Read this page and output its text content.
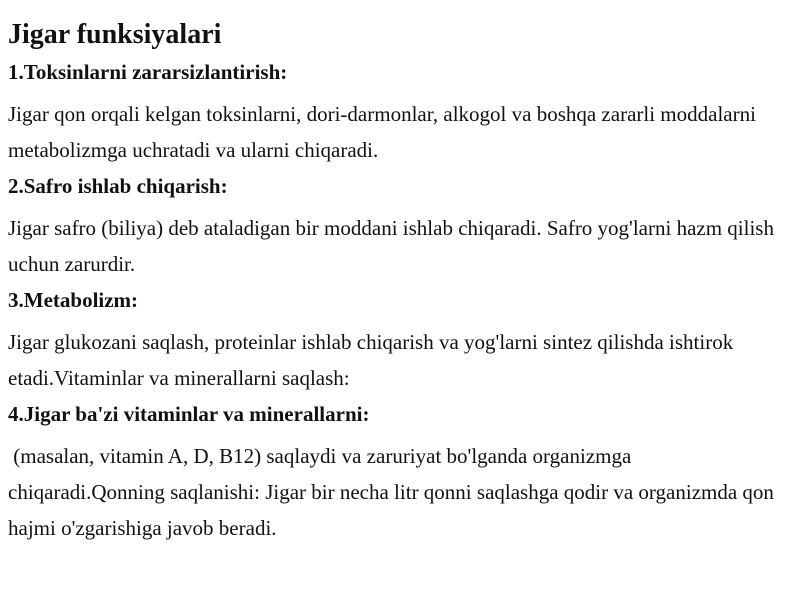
Jigar funksiyalari
1.Toksinlarni zararsizlantirish:
Jigar qon orqali kelgan toksinlarni, dori-darmonlar, alkogol va boshqa zararli moddalarni metabolizmga uchratadi va ularni chiqaradi.
2.Safro ishlab chiqarish:
Jigar safro (biliya) deb ataladigan bir moddani ishlab chiqaradi. Safro yog'larni hazm qilish uchun zarurdir.
3.Metabolizm:
Jigar glukozani saqlash, proteinlar ishlab chiqarish va yog'larni sintez qilishda ishtirok etadi.Vitaminlar va minerallarni saqlash:
4.Jigar ba'zi vitaminlar va minerallarni:
(masalan, vitamin A, D, B12) saqlaydi va zaruriyat bo'lganda organizmga chiqaradi.Qonning saqlanishi: Jigar bir necha litr qonni saqlashga qodir va organizmda qon hajmi o'zgarishiga javob beradi.
